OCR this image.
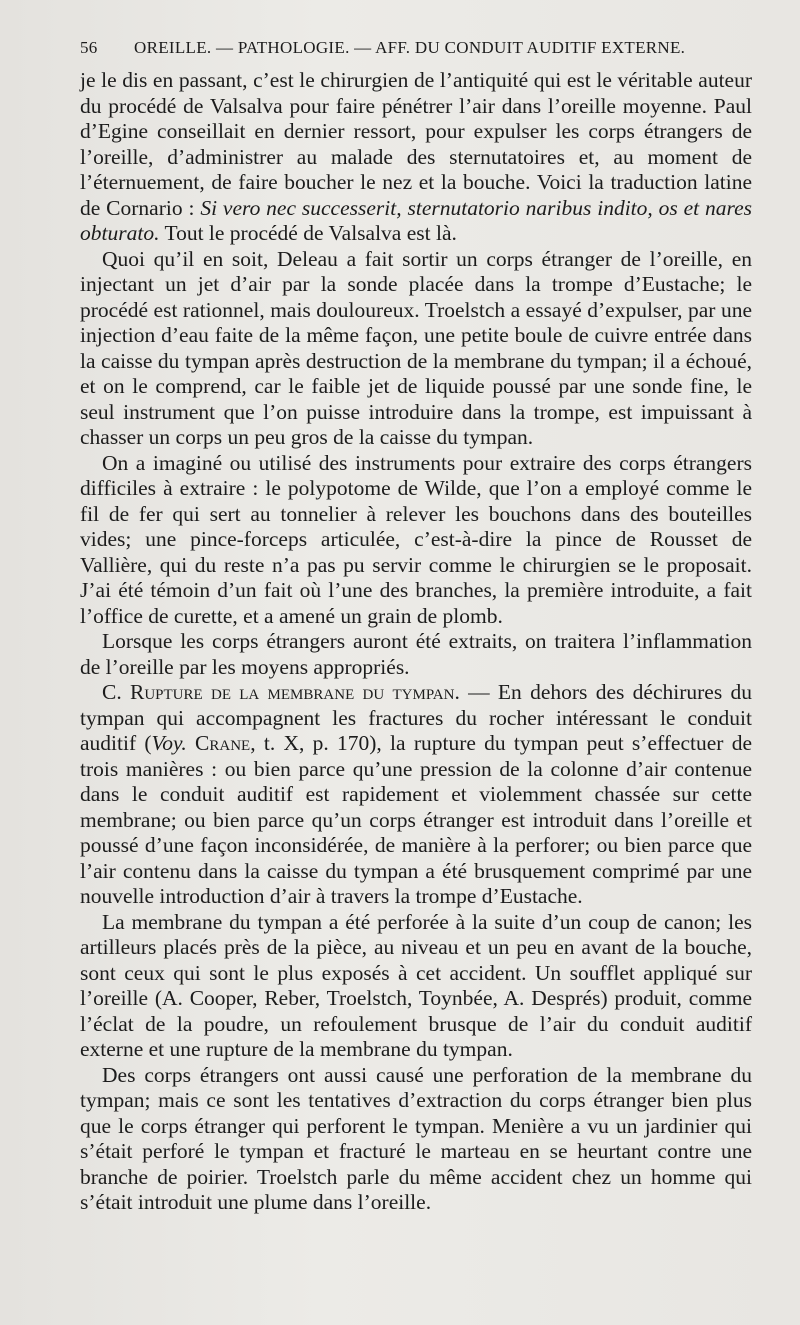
56 OREILLE. — PATHOLOGIE. — AFF. DU CONDUIT AUDITIF EXTERNE.

je le dis en passant, c’est le chirurgien de l’antiquité qui est le véritable auteur du procédé de Valsalva pour faire pénétrer l’air dans l’oreille moyenne. Paul d’Egine conseillait en dernier ressort, pour expulser les corps étrangers de l’oreille, d’administrer au malade des sternutatoires et, au moment de l’éternuement, de faire boucher le nez et la bouche. Voici la traduction latine de Cornario : Si vero nec successerit, sternutatorio naribus indito, os et nares obturato. Tout le procédé de Valsalva est là.

Quoi qu’il en soit, Deleau a fait sortir un corps étranger de l’oreille, en injectant un jet d’air par la sonde placée dans la trompe d’Eustache; le procédé est rationnel, mais douloureux. Troelstch a essayé d’expulser, par une injection d’eau faite de la même façon, une petite boule de cuivre entrée dans la caisse du tympan après destruction de la membrane du tympan; il a échoué, et on le comprend, car le faible jet de liquide poussé par une sonde fine, le seul instrument que l’on puisse introduire dans la trompe, est impuissant à chasser un corps un peu gros de la caisse du tympan.

On a imaginé ou utilisé des instruments pour extraire des corps étrangers difficiles à extraire : le polypotome de Wilde, que l’on a employé comme le fil de fer qui sert au tonnelier à relever les bouchons dans des bouteilles vides; une pince-forceps articulée, c’est-à-dire la pince de Rousset de Vallière, qui du reste n’a pas pu servir comme le chirurgien se le proposait. J’ai été témoin d’un fait où l’une des branches, la première introduite, a fait l’office de curette, et a amené un grain de plomb.

Lorsque les corps étrangers auront été extraits, on traitera l’inflammation de l’oreille par les moyens appropriés.

C. Rupture de la membrane du tympan. — En dehors des déchirures du tympan qui accompagnent les fractures du rocher intéressant le conduit auditif (Voy. Crane, t. X, p. 170), la rupture du tympan peut s’effectuer de trois manières : ou bien parce qu’une pression de la colonne d’air contenue dans le conduit auditif est rapidement et violemment chassée sur cette membrane; ou bien parce qu’un corps étranger est introduit dans l’oreille et poussé d’une façon inconsidérée, de manière à la perforer; ou bien parce que l’air contenu dans la caisse du tympan a été brusquement comprimé par une nouvelle introduction d’air à travers la trompe d’Eustache.

La membrane du tympan a été perforée à la suite d’un coup de canon; les artilleurs placés près de la pièce, au niveau et un peu en avant de la bouche, sont ceux qui sont le plus exposés à cet accident. Un soufflet appliqué sur l’oreille (A. Cooper, Reber, Troelstch, Toynbée, A. Després) produit, comme l’éclat de la poudre, un refoulement brusque de l’air du conduit auditif externe et une rupture de la membrane du tympan.

Des corps étrangers ont aussi causé une perforation de la membrane du tympan; mais ce sont les tentatives d’extraction du corps étranger bien plus que le corps étranger qui perforent le tympan. Menière a vu un jardinier qui s’était perforé le tympan et fracturé le marteau en se heurtant contre une branche de poirier. Troelstch parle du même accident chez un homme qui s’était introduit une plume dans l’oreille.
